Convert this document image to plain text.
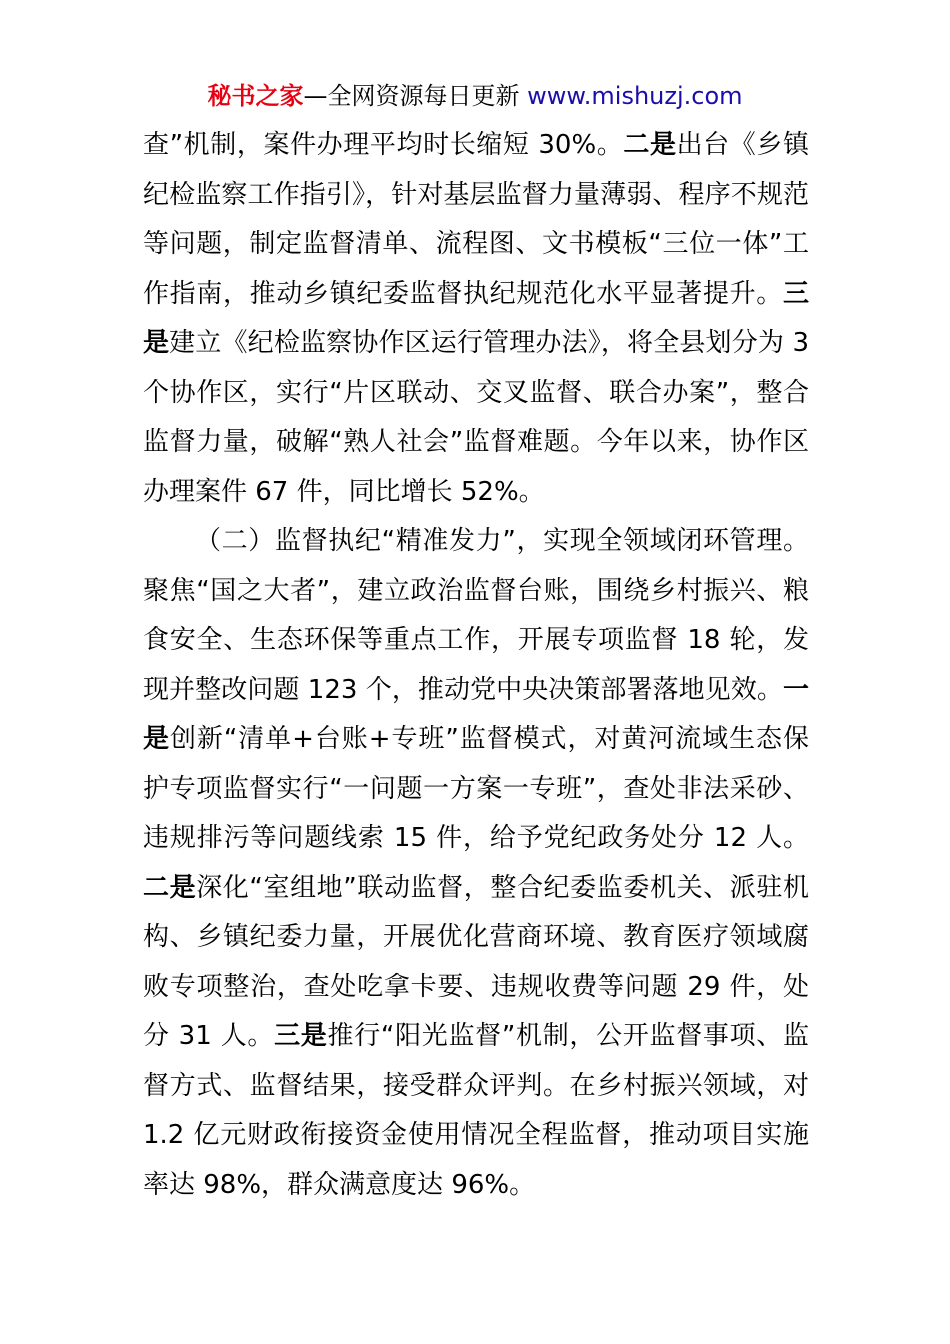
秘书之家—全网资源每日更新 www.mishuzj.com

查”机制，案件办理平均时长缩短 30%。二是出台《乡镇纪检监察工作指引》，针对基层监督力量薄弱、程序不规范等问题，制定监督清单、流程图、文书模板“三位一体”工作指南，推动乡镇纪委监督执纪规范化水平显著提升。三是建立《纪检监察协作区运行管理办法》，将全县划分为 3 个协作区，实行“片区联动、交叉监督、联合办案”，整合监督力量，破解“熟人社会”监督难题。今年以来，协作区办理案件 67 件，同比增长 52%。

（二）监督执纪“精准发力”，实现全领域闭环管理。聚焦“国之大者”，建立政治监督台账，围绕乡村振兴、粮食安全、生态环保等重点工作，开展专项监督 18 轮，发现并整改问题 123 个，推动党中央决策部署落地见效。一是创新“清单+台账+专班”监督模式，对黄河流域生态保护专项监督实行“一问题一方案一专班”，查处非法采砂、违规排污等问题线索 15 件，给予党纪政务处分 12 人。二是深化“室组地”联动监督，整合纪委监委机关、派驻机构、乡镇纪委力量，开展优化营商环境、教育医疗领域腐败专项整治，查处吃拿卡要、违规收费等问题 29 件，处分 31 人。三是推行“阳光监督”机制，公开监督事项、监督方式、监督结果，接受群众评判。在乡村振兴领域，对 1.2 亿元财政衔接资金使用情况全程监督，推动项目实施率达 98%，群众满意度达 96%。
